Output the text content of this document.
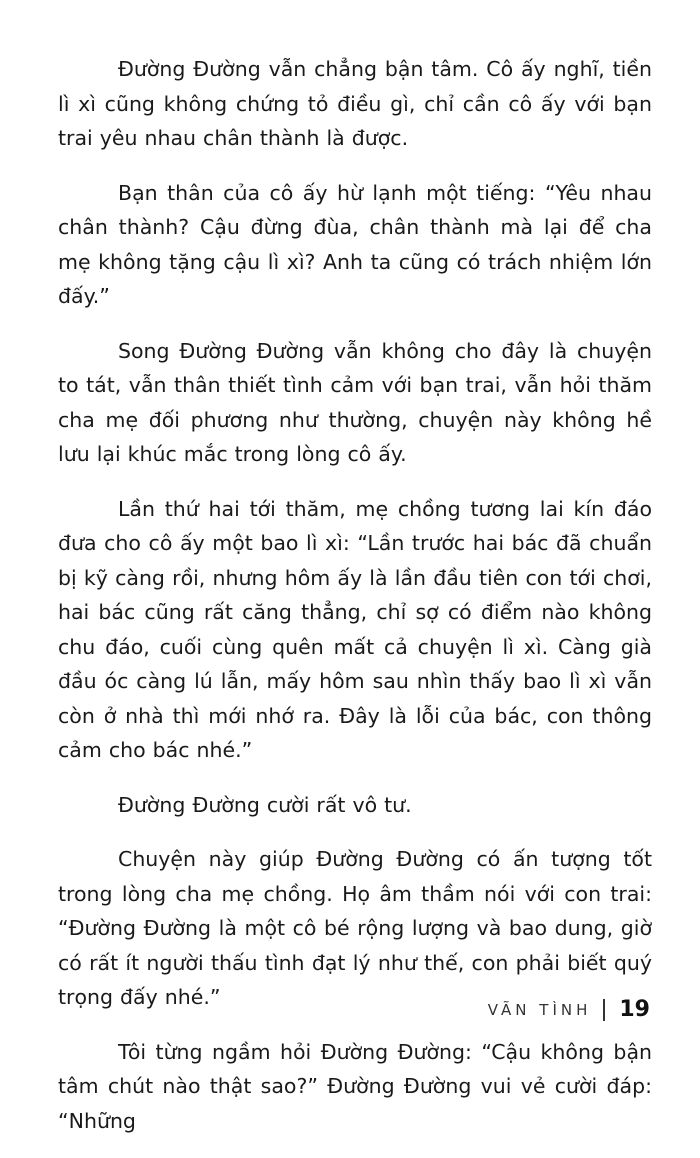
Đường Đường vẫn chẳng bận tâm. Cô ấy nghĩ, tiền lì xì cũng không chứng tỏ điều gì, chỉ cần cô ấy với bạn trai yêu nhau chân thành là được.

Bạn thân của cô ấy hừ lạnh một tiếng: “Yêu nhau chân thành? Cậu đừng đùa, chân thành mà lại để cha mẹ không tặng cậu lì xì? Anh ta cũng có trách nhiệm lớn đấy.”

Song Đường Đường vẫn không cho đây là chuyện to tát, vẫn thân thiết tình cảm với bạn trai, vẫn hỏi thăm cha mẹ đối phương như thường, chuyện này không hề lưu lại khúc mắc trong lòng cô ấy.

Lần thứ hai tới thăm, mẹ chồng tương lai kín đáo đưa cho cô ấy một bao lì xì: “Lần trước hai bác đã chuẩn bị kỹ càng rồi, nhưng hôm ấy là lần đầu tiên con tới chơi, hai bác cũng rất căng thẳng, chỉ sợ có điểm nào không chu đáo, cuối cùng quên mất cả chuyện lì xì. Càng già đầu óc càng lú lẫn, mấy hôm sau nhìn thấy bao lì xì vẫn còn ở nhà thì mới nhớ ra. Đây là lỗi của bác, con thông cảm cho bác nhé.”

Đường Đường cười rất vô tư.

Chuyện này giúp Đường Đường có ấn tượng tốt trong lòng cha mẹ chồng. Họ âm thầm nói với con trai: “Đường Đường là một cô bé rộng lượng và bao dung, giờ có rất ít người thấu tình đạt lý như thế, con phải biết quý trọng đấy nhé.”

Tôi từng ngầm hỏi Đường Đường: “Cậu không bận tâm chút nào thật sao?” Đường Đường vui vẻ cười đáp: “Những

VÃN TÌNH 19
